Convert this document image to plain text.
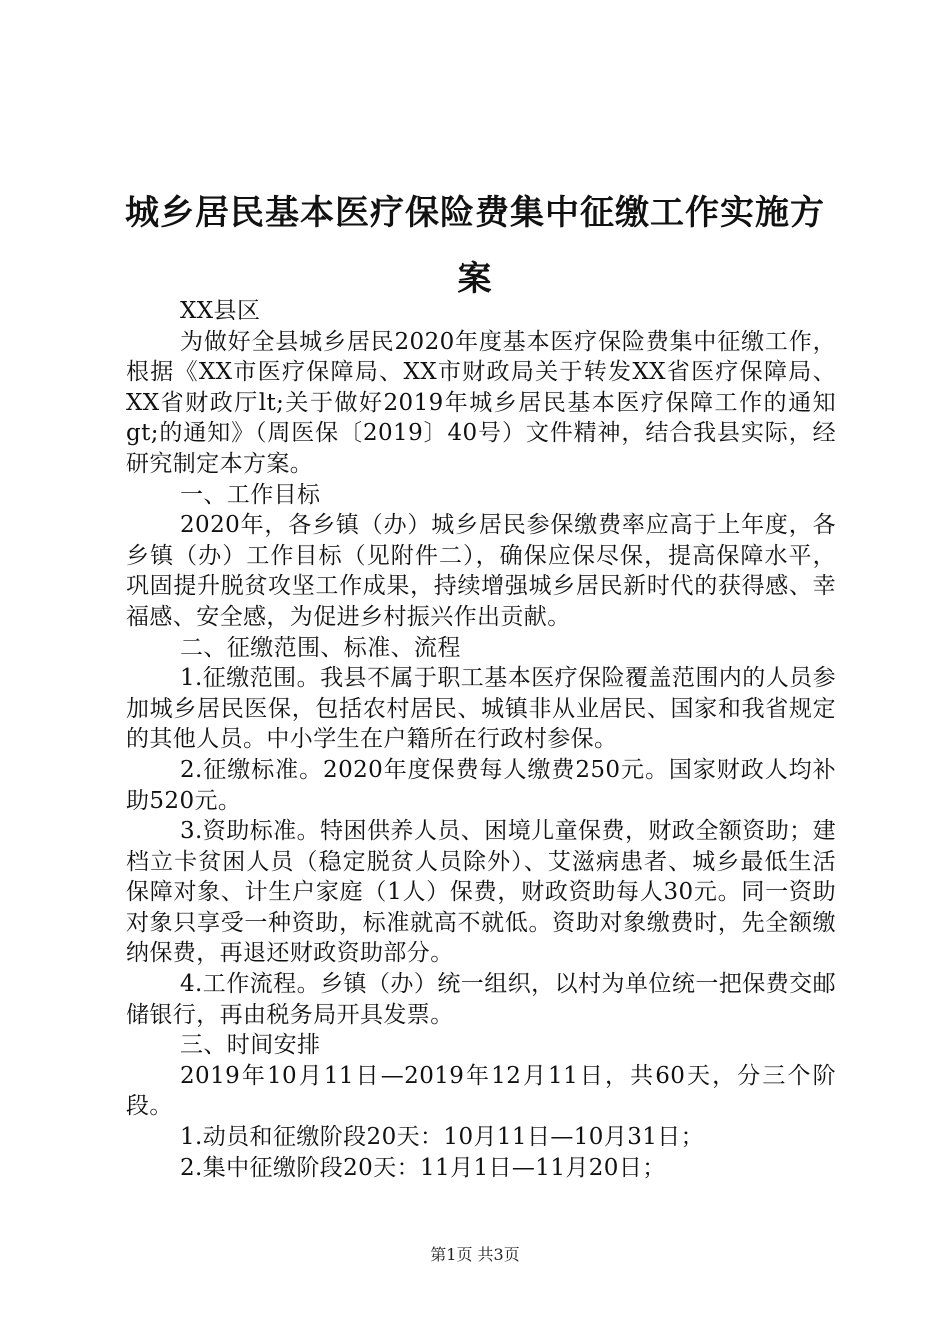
城乡居民基本医疗保险费集中征缴工作实施方案

XX县区

为做好全县城乡居民2020年度基本医疗保险费集中征缴工作，根据《XX市医疗保障局、XX市财政局关于转发XX省医疗保障局、XX省财政厅lt;关于做好2019年城乡居民基本医疗保障工作的通知gt;的通知》（周医保〔2019〕40号）文件精神，结合我县实际，经研究制定本方案。

一、工作目标

2020年，各乡镇（办）城乡居民参保缴费率应高于上年度，各乡镇（办）工作目标（见附件二），确保应保尽保，提高保障水平，巩固提升脱贫攻坚工作成果，持续增强城乡居民新时代的获得感、幸福感、安全感，为促进乡村振兴作出贡献。

二、征缴范围、标准、流程

1.征缴范围。我县不属于职工基本医疗保险覆盖范围内的人员参加城乡居民医保，包括农村居民、城镇非从业居民、国家和我省规定的其他人员。中小学生在户籍所在行政村参保。

2.征缴标准。2020年度保费每人缴费250元。国家财政人均补助520元。

3.资助标准。特困供养人员、困境儿童保费，财政全额资助；建档立卡贫困人员（稳定脱贫人员除外）、艾滋病患者、城乡最低生活保障对象、计生户家庭（1人）保费，财政资助每人30元。同一资助对象只享受一种资助，标准就高不就低。资助对象缴费时，先全额缴纳保费，再退还财政资助部分。

4.工作流程。乡镇（办）统一组织，以村为单位统一把保费交邮储银行，再由税务局开具发票。

三、时间安排

2019年10月11日—2019年12月11日，共60天，分三个阶段。

1.动员和征缴阶段20天：10月11日—10月31日；

2.集中征缴阶段20天：11月1日—11月20日；

第1页 共3页
